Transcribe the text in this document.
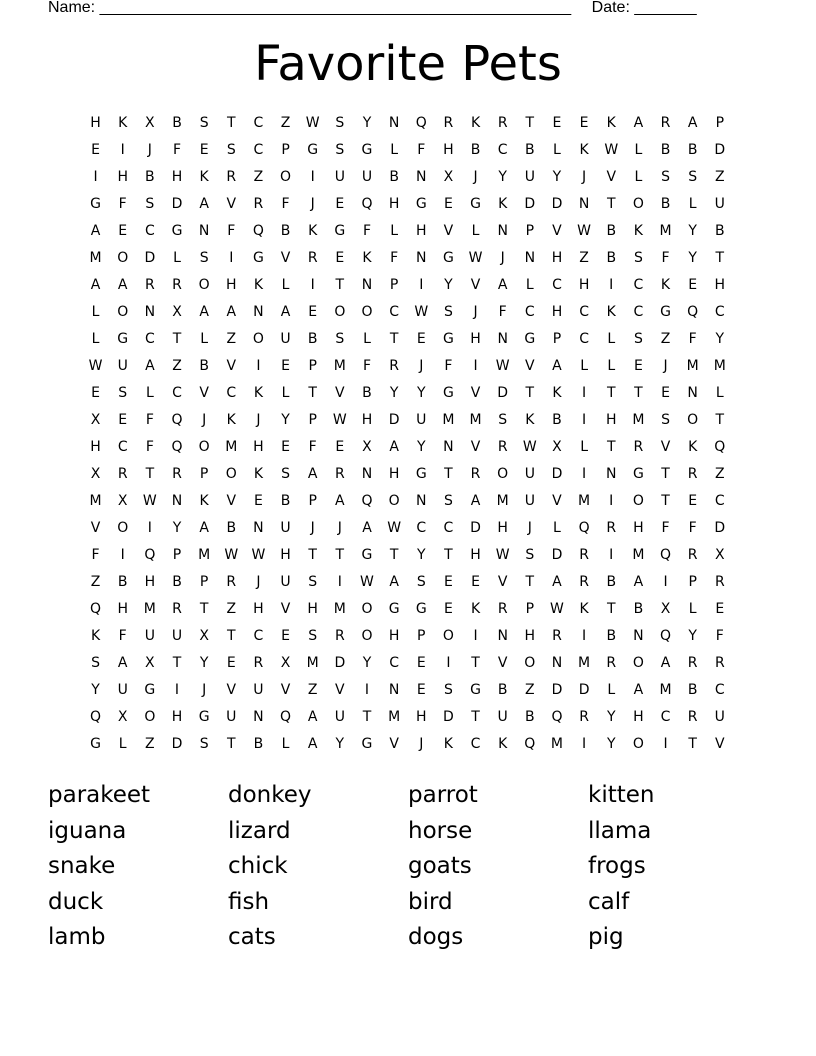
Name: _____________________________________________________ Date: _______
Favorite Pets
H	K	X	B	S	T	C	Z	W	S	Y	N	Q	R	K	R	T	E	E	K	A	R	A	P
E	I	J	F	E	S	C	P	G	S	G	L	F	H	B	C	B	L	K	W	L	B	B	D
I	H	B	H	K	R	Z	O	I	U	U	B	N	X	J	Y	U	Y	J	V	L	S	S	Z
G	F	S	D	A	V	R	F	J	E	Q	H	G	E	G	K	D	D	N	T	O	B	L	U
A	E	C	G	N	F	Q	B	K	G	F	L	H	V	L	N	P	V	W	B	K	M	Y	B
M	O	D	L	S	I	G	V	R	E	K	F	N	G	W	J	N	H	Z	B	S	F	Y	T
A	A	R	R	O	H	K	L	I	T	N	P	I	Y	V	A	L	C	H	I	C	K	E	H
L	O	N	X	A	A	N	A	E	O	O	C	W	S	J	F	C	H	C	K	C	G	Q	C
L	G	C	T	L	Z	O	U	B	S	L	T	E	G	H	N	G	P	C	L	S	Z	F	Y
W	U	A	Z	B	V	I	E	P	M	F	R	J	F	I	W	V	A	L	L	E	J	M	M
E	S	L	C	V	C	K	L	T	V	B	Y	Y	G	V	D	T	K	I	T	T	E	N	L
X	E	F	Q	J	K	J	Y	P	W	H	D	U	M	M	S	K	B	I	H	M	S	O	T
H	C	F	Q	O	M	H	E	F	E	X	A	Y	N	V	R	W	X	L	T	R	V	K	Q
X	R	T	R	P	O	K	S	A	R	N	H	G	T	R	O	U	D	I	N	G	T	R	Z
M	X	W	N	K	V	E	B	P	A	Q	O	N	S	A	M	U	V	M	I	O	T	E	C
V	O	I	Y	A	B	N	U	J	J	A	W	C	C	D	H	J	L	Q	R	H	F	F	D
F	I	Q	P	M	W W	H	T	T	G	T	Y	T	H	W	S	D	R	I	M	Q	R	X
Z	B	H	B	P	R	J	U	S	I	W	A	S	E	E	V	T	A	R	B	A	I	P	R
Q	H	M	R	T	Z	H	V	H	M	O	G	G	E	K	R	P	W	K	T	B	X	L	E
K	F	U	U	X	T	C	E	S	R	O	H	P	O	I	N	H	R	I	B	N	Q	Y	F
S	A	X	T	Y	E	R	X	M	D	Y	C	E	I	T	V	O	N	M	R	O	A	R	R
Y	U	G	I	J	V	U	V	Z	V	I	N	E	S	G	B	Z	D	D	L	A	M	B	C
Q	X	O	H	G	U	N	Q	A	U	T	M	H	D	T	U	B	Q	R	Y	H	C	R	U
G	L	Z	D	S	T	B	L	A	Y	G	V	J	K	C	K	Q	M	I	Y	O	I	T	V
parakeet	donkey	parrot	kitten
iguana	lizard	horse	llama
snake	chick	goats	frogs
duck	fish	bird	calf
lamb	cats	dogs	pig
